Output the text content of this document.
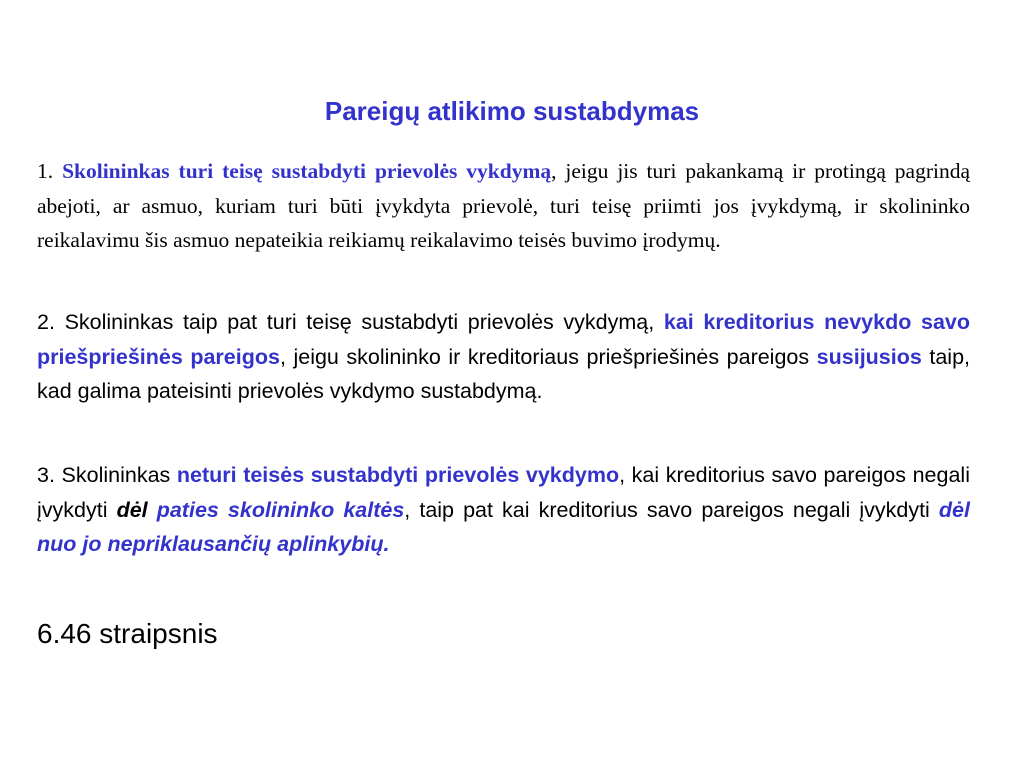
Pareigų atlikimo sustabdymas

1. Skolininkas turi teisę sustabdyti prievolės vykdymą, jeigu jis turi pakankamą ir protingą pagrindą abejoti, ar asmuo, kuriam turi būti įvykdyta prievolė, turi teisę priimti jos įvykdymą, ir skolininko reikalavimu šis asmuo nepateikia reikiamų reikalavimo teisės buvimo įrodymų.

2. Skolininkas taip pat turi teisę sustabdyti prievolės vykdymą, kai kreditorius nevykdo savo priešpriešinės pareigos, jeigu skolininko ir kreditoriaus priešpriešinės pareigos susijusios taip, kad galima pateisinti prievolės vykdymo sustabdymą.

3. Skolininkas neturi teisės sustabdyti prievolės vykdymo, kai kreditorius savo pareigos negali įvykdyti dėl paties skolininko kaltės, taip pat kai kreditorius savo pareigos negali įvykdyti dėl nuo jo nepriklausančių aplinkybių.

6.46 straipsnis
